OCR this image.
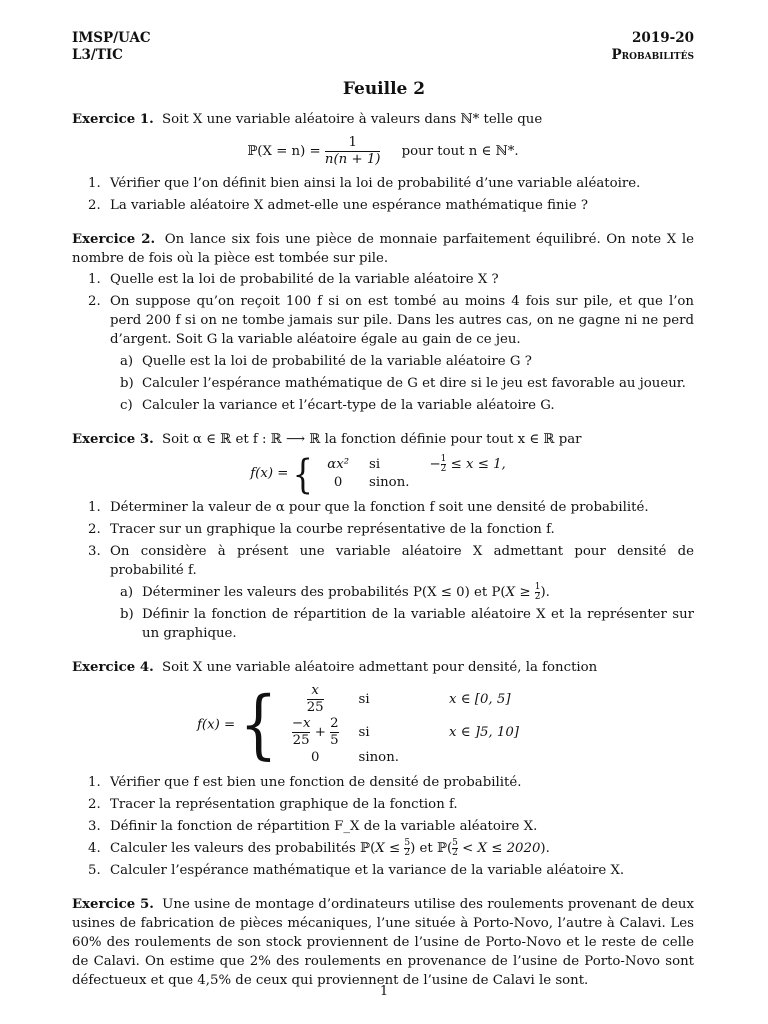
IMSP/UAC
L3/TIC
2019-20
Probabilités
Feuille 2
Exercice 1. Soit X une variable aléatoire à valeurs dans ℕ* telle que
ℙ(X = $n) = \frac{1}{n(n + 1)}$ pour tout n ∈ ℕ*.
1. Vérifier que l’on définit bien ainsi la loi de probabilité d’une variable aléatoire.
2. La variable aléatoire X admet-elle une espérance mathématique finie ?
Exercice 2. On lance six fois une pièce de monnaie parfaitement équilibré. On note X le nombre de fois où la pièce est tombée sur pile.
1. Quelle est la loi de probabilité de la variable aléatoire X ?
2. On suppose qu’on reçoit 100 f si on est tombé au moins 4 fois sur pile, et que l’on perd 200 f si on ne tombe jamais sur pile. Dans les autres cas, on ne gagne ni ne perd d’argent. Soit G la variable aléatoire égale au gain de ce jeu.
a) Quelle est la loi de probabilité de la variable aléatoire G ?
b) Calculer l’espérance mathématique de G et dire si le jeu est favorable au joueur.
c) Calculer la variance et l’écart-type de la variable aléatoire G.
Exercice 3. Soit α ∈ ℝ et f : ℝ ⟶ ℝ la fonction définie pour tout x ∈ ℝ par
f(x) = { αx²	si	− $\frac{1}{2} \le x \le 1$,
0	sinon.	
1. Déterminer la valeur de α pour que la fonction f soit une densité de probabilité.
2. Tracer sur un graphique la courbe représentative de la fonction f.
3. On considère à présent une variable aléatoire X admettant pour densité de probabilité f.
a) Déterminer les valeurs des probabilités P(X ≤ 0) et $P(X \ge \frac{1}{2}$ ).
b) Définir la fonction de répartition de la variable aléatoire X et la représenter sur un graphique.
Exercice 4. Soit X une variable aléatoire admettant pour densité, la fonction
f(x) = { $\frac{x}{25}$	si	x ∈ [0, 5]

$\frac{-x}{25} + \frac{2}{5}$	si	x ∈ ]5, 10]
0	sinon.	
1. Vérifier que f est bien une fonction de densité de probabilité.
2. Tracer la représentation graphique de la fonction f.
3. Définir la fonction de répartition F_X de la variable aléatoire X.
4. Calculer les valeurs des probabilités ℙ(X ≤ $\frac{5}{2}$ ) et ℙ( $\frac{5}{2} < X \le 2020$).
5. Calculer l’espérance mathématique et la variance de la variable aléatoire X.
Exercice 5. Une usine de montage d’ordinateurs utilise des roulements provenant de deux usines de fabrication de pièces mécaniques, l’une située à Porto-Novo, l’autre à Calavi. Les 60% des roulements de son stock proviennent de l’usine de Porto-Novo et le reste de celle de Calavi. On estime que 2% des roulements en provenance de l’usine de Porto-Novo sont défectueux et que 4,5% de ceux qui proviennent de l’usine de Calavi le sont.
1
